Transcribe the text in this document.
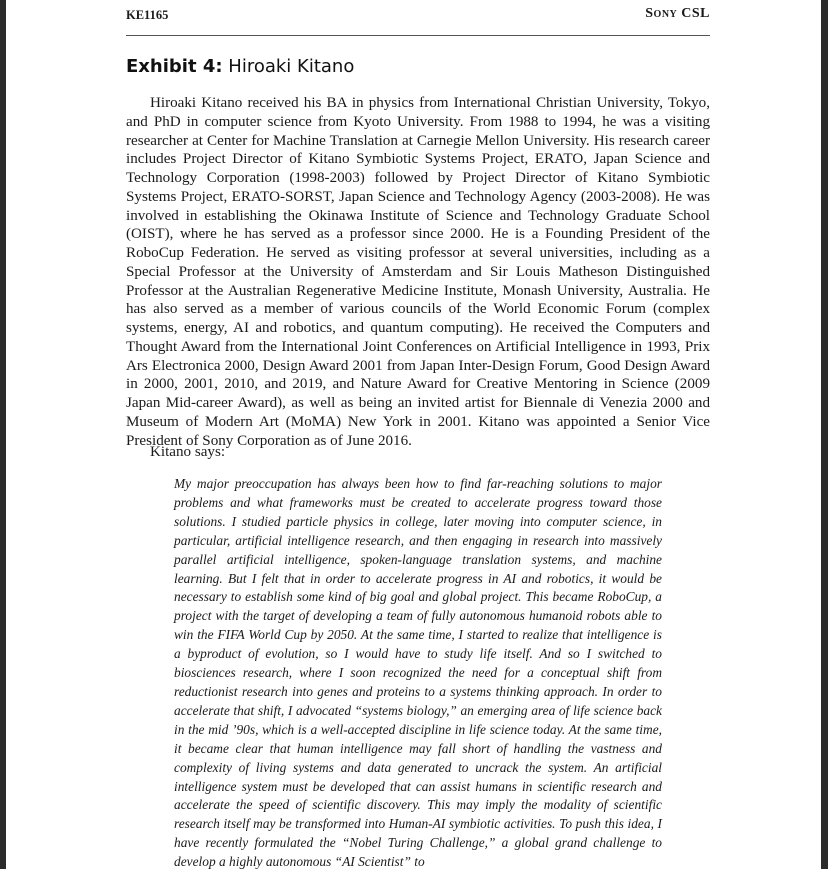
KE1165	Sony CSL
Exhibit 4: Hiroaki Kitano

Hiroaki Kitano received his BA in physics from International Christian University, Tokyo, and PhD in computer science from Kyoto University. From 1988 to 1994, he was a visiting researcher at Center for Machine Translation at Carnegie Mellon University. His research career includes Project Director of Kitano Symbiotic Systems Project, ERATO, Japan Science and Technology Corporation (1998-2003) followed by Project Director of Kitano Symbiotic Systems Project, ERATO-SORST, Japan Science and Technology Agency (2003-2008). He was involved in establishing the Okinawa Institute of Science and Technology Graduate School (OIST), where he has served as a professor since 2000. He is a Founding President of the RoboCup Federation. He served as visiting professor at several universities, including as a Special Professor at the University of Amsterdam and Sir Louis Matheson Distinguished Professor at the Australian Regenerative Medicine Institute, Monash University, Australia. He has also served as a member of various councils of the World Economic Forum (complex systems, energy, AI and robotics, and quantum computing). He received the Computers and Thought Award from the International Joint Conferences on Artificial Intelligence in 1993, Prix Ars Electronica 2000, Design Award 2001 from Japan Inter-Design Forum, Good Design Award in 2000, 2001, 2010, and 2019, and Nature Award for Creative Mentoring in Science (2009 Japan Mid-career Award), as well as being an invited artist for Biennale di Venezia 2000 and Museum of Modern Art (MoMA) New York in 2001. Kitano was appointed a Senior Vice President of Sony Corporation as of June 2016.

Kitano says:

My major preoccupation has always been how to find far-reaching solutions to major problems and what frameworks must be created to accelerate progress toward those solutions. I studied particle physics in college, later moving into computer science, in particular, artificial intelligence research, and then engaging in research into massively parallel artificial intelligence, spoken-language translation systems, and machine learning. But I felt that in order to accelerate progress in AI and robotics, it would be necessary to establish some kind of big goal and global project. This became RoboCup, a project with the target of developing a team of fully autonomous humanoid robots able to win the FIFA World Cup by 2050. At the same time, I started to realize that intelligence is a byproduct of evolution, so I would have to study life itself. And so I switched to biosciences research, where I soon recognized the need for a conceptual shift from reductionist research into genes and proteins to a systems thinking approach. In order to accelerate that shift, I advocated “systems biology,” an emerging area of life science back in the mid ’90s, which is a well-accepted discipline in life science today. At the same time, it became clear that human intelligence may fall short of handling the vastness and complexity of living systems and data generated to uncrack the system. An artificial intelligence system must be developed that can assist humans in scientific research and accelerate the speed of scientific discovery. This may imply the modality of scientific research itself may be transformed into Human-AI symbiotic activities. To push this idea, I have recently formulated the “Nobel Turing Challenge,” a global grand challenge to develop a highly autonomous “AI Scientist” to
